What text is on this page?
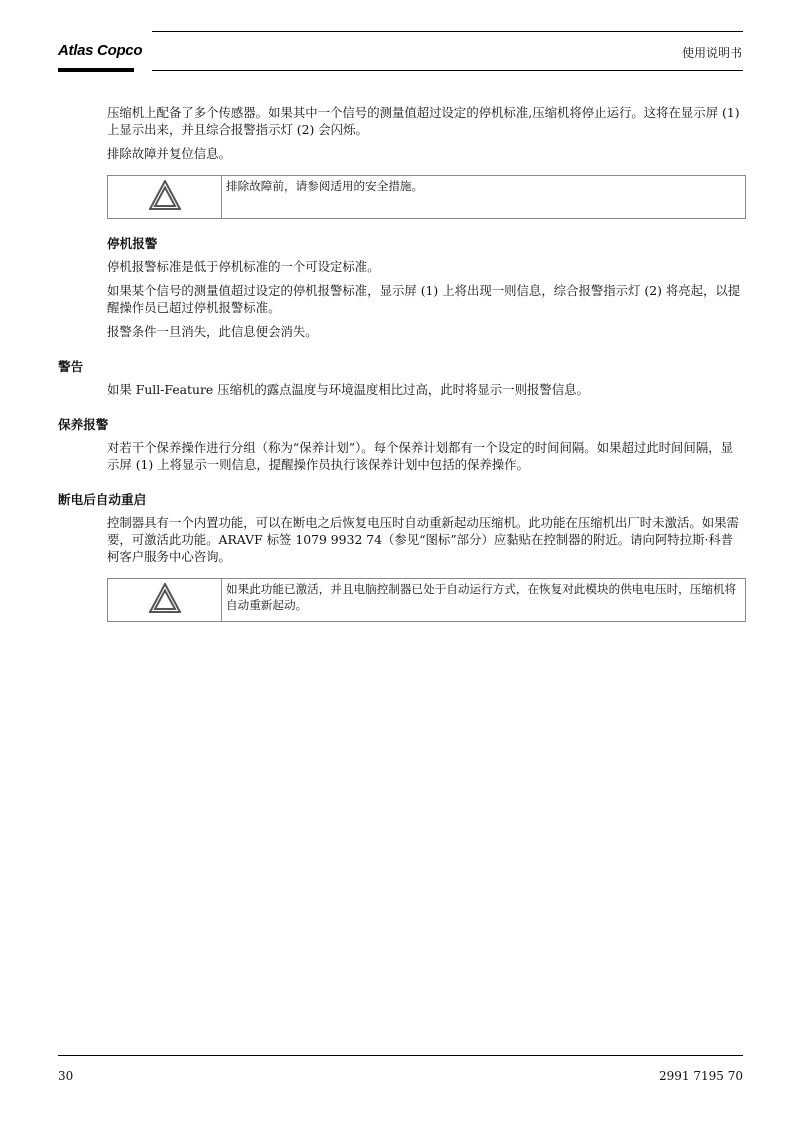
Atlas Copco	使用说明书

压缩机上配备了多个传感器。如果其中一个信号的测量值超过设定的停机标准,压缩机将停止运行。这将在显示屏 (1) 上显示出来，并且综合报警指示灯 (2) 会闪烁。

排除故障并复位信息。

排除故障前，请参阅适用的安全措施。
停机报警

停机报警标准是低于停机标准的一个可设定标准。

如果某个信号的测量值超过设定的停机报警标准，显示屏 (1) 上将出现一则信息，综合报警指示灯 (2) 将亮起，以提醒操作员已超过停机报警标准。

报警条件一旦消失，此信息便会消失。

警告

如果 Full-Feature 压缩机的露点温度与环境温度相比过高，此时将显示一则报警信息。

保养报警

对若干个保养操作进行分组（称为“保养计划”）。每个保养计划都有一个设定的时间间隔。如果超过此时间间隔，显示屏 (1) 上将显示一则信息，提醒操作员执行该保养计划中包括的保养操作。

断电后自动重启

控制器具有一个内置功能，可以在断电之后恢复电压时自动重新起动压缩机。此功能在压缩机出厂时未激活。如果需要，可激活此功能。ARAVF 标签 1079 9932 74（参见“图标”部分）应黏贴在控制器的附近。请向阿特拉斯·科普柯客户服务中心咨询。

如果此功能已激活，并且电脑控制器已处于自动运行方式，在恢复对此模块的供电电压时，压缩机将自动重新起动。
30	2991 7195 70
